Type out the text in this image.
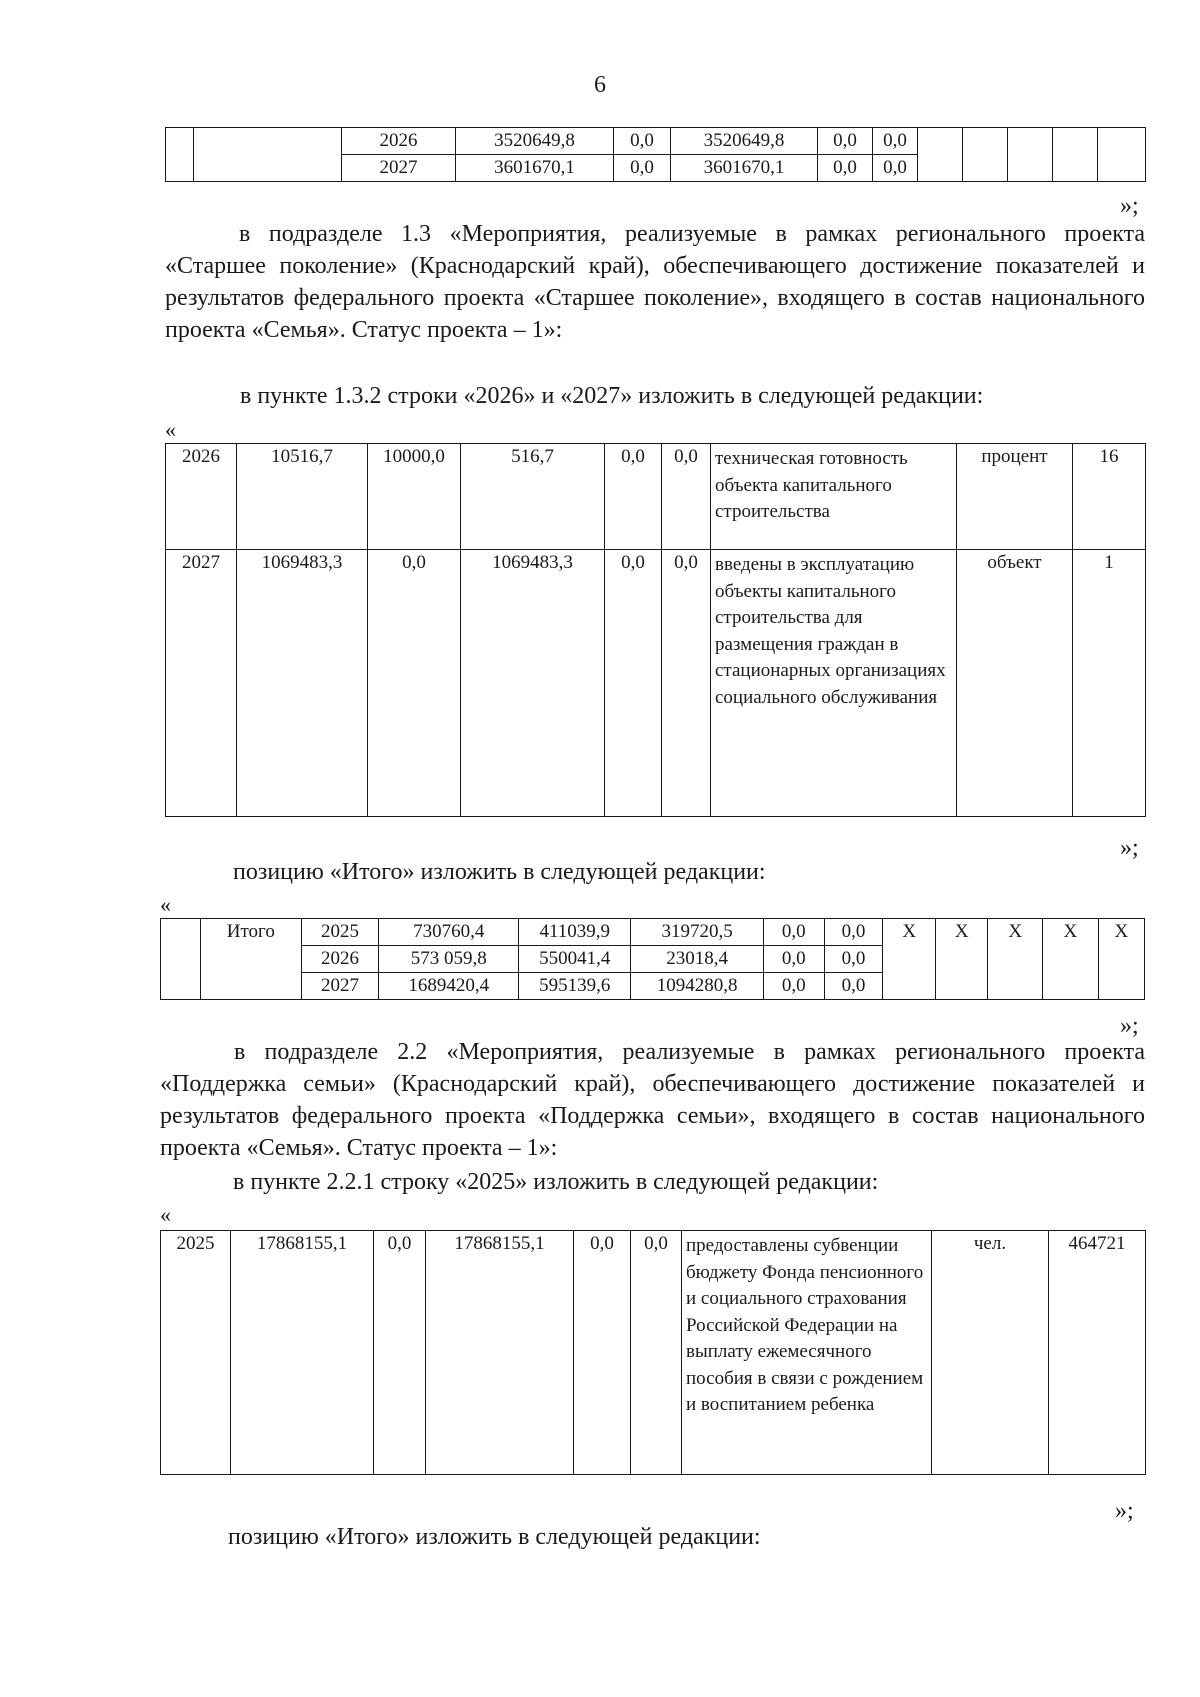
6
		2026	3520649,8	0,0	3520649,8	0,0	0,0					
		2027	3601670,1	0,0	3601670,1	0,0	0,0					
»;

в подразделе 1.3 «Мероприятия, реализуемые в рамках регионального проекта «Старшее поколение» (Краснодарский край), обеспечивающего достижение показателей и результатов федерального проекта «Старшее поколение», входящего в состав национального проекта «Семья». Статус проекта – 1»:

в пункте 1.3.2 строки «2026» и «2027» изложить в следующей редакции:
«
2026	10516,7	10000,0	516,7	0,0	0,0	техническая готовность объекта капитального строительства	процент	16
2027	1069483,3	0,0	1069483,3	0,0	0,0	введены в эксплуатацию объекты капитального строительства для размещения граждан в стационарных организациях социального обслуживания	объект	1
»;
позицию «Итого» изложить в следующей редакции:
«
	Итого	2025	730760,4	411039,9	319720,5	0,0	0,0	X	X	X	X	X
		2026	573 059,8	550041,4	23018,4	0,0	0,0					
		2027	1689420,4	595139,6	1094280,8	0,0	0,0					
»;

в подразделе 2.2 «Мероприятия, реализуемые в рамках регионального проекта «Поддержка семьи» (Краснодарский край), обеспечивающего достижение показателей и результатов федерального проекта «Поддержка семьи», входящего в состав национального проекта «Семья». Статус проекта – 1»:

в пункте 2.2.1 строку «2025» изложить в следующей редакции:
«
2025	17868155,1	0,0	17868155,1	0,0	0,0	предоставлены субвенции бюджету Фонда пенсионного и социального страхования Российской Федерации на выплату ежемесячного пособия в связи с рождением и воспитанием ребенка	чел.	464721
»;
позицию «Итого» изложить в следующей редакции:
